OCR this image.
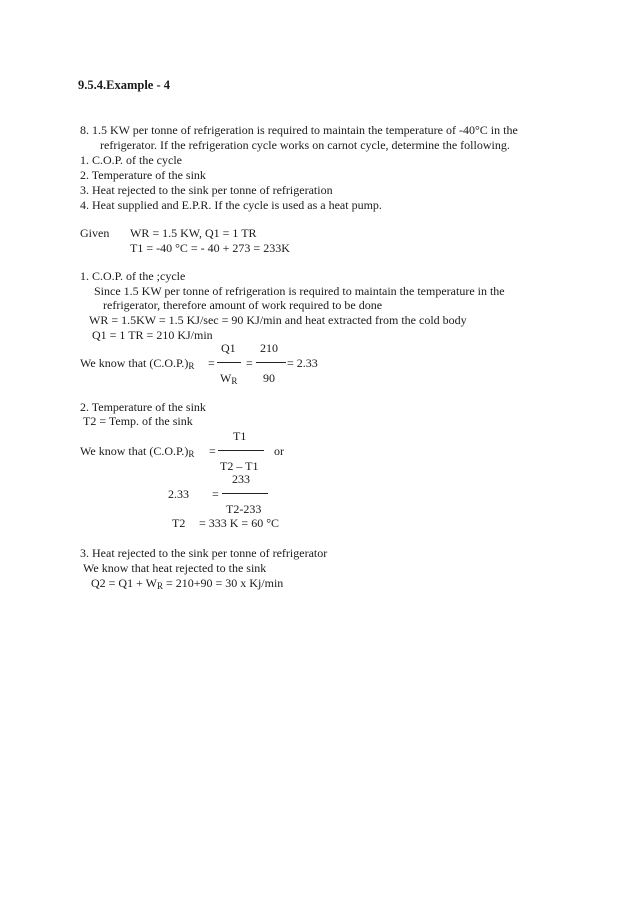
9.5.4.Example - 4
8. 1.5 KW per tonne of refrigeration is required to maintain the temperature of -40°C in the
refrigerator. If the refrigeration cycle works on carnot cycle, determine the following.
1. C.O.P. of the cycle
2. Temperature of the sink
3. Heat rejected to the sink per tonne of refrigeration
4. Heat supplied and E.P.R. If the cycle is used as a heat pump.
Given WR = 1.5 KW, Q1 = 1 TR
T1 = -40 °C = - 40 + 273 = 233K
1. C.O.P. of the ;cycle
Since 1.5 KW per tonne of refrigeration is required to maintain the temperature in the
refrigerator, therefore amount of work required to be done
WR = 1.5KW = 1.5 KJ/sec = 90 KJ/min and heat extracted from the cold body
Q1 = 1 TR = 210 KJ/min
We know that $(C.O.P.)_R$ =
Q1
$W_R$
=
210
90
= 2.33
2. Temperature of the sink
T2 = Temp. of the sink
We know that $(C.O.P.)_R$ =
T1
T2 – T1
or
2.33 =
233
T2-233
T2 = 333 K = 60 °C
3. Heat rejected to the sink per tonne of refrigerator
We know that heat rejected to the sink
$Q2 = Q1 + W_R = 210+90 = 30$ x Kj/min
